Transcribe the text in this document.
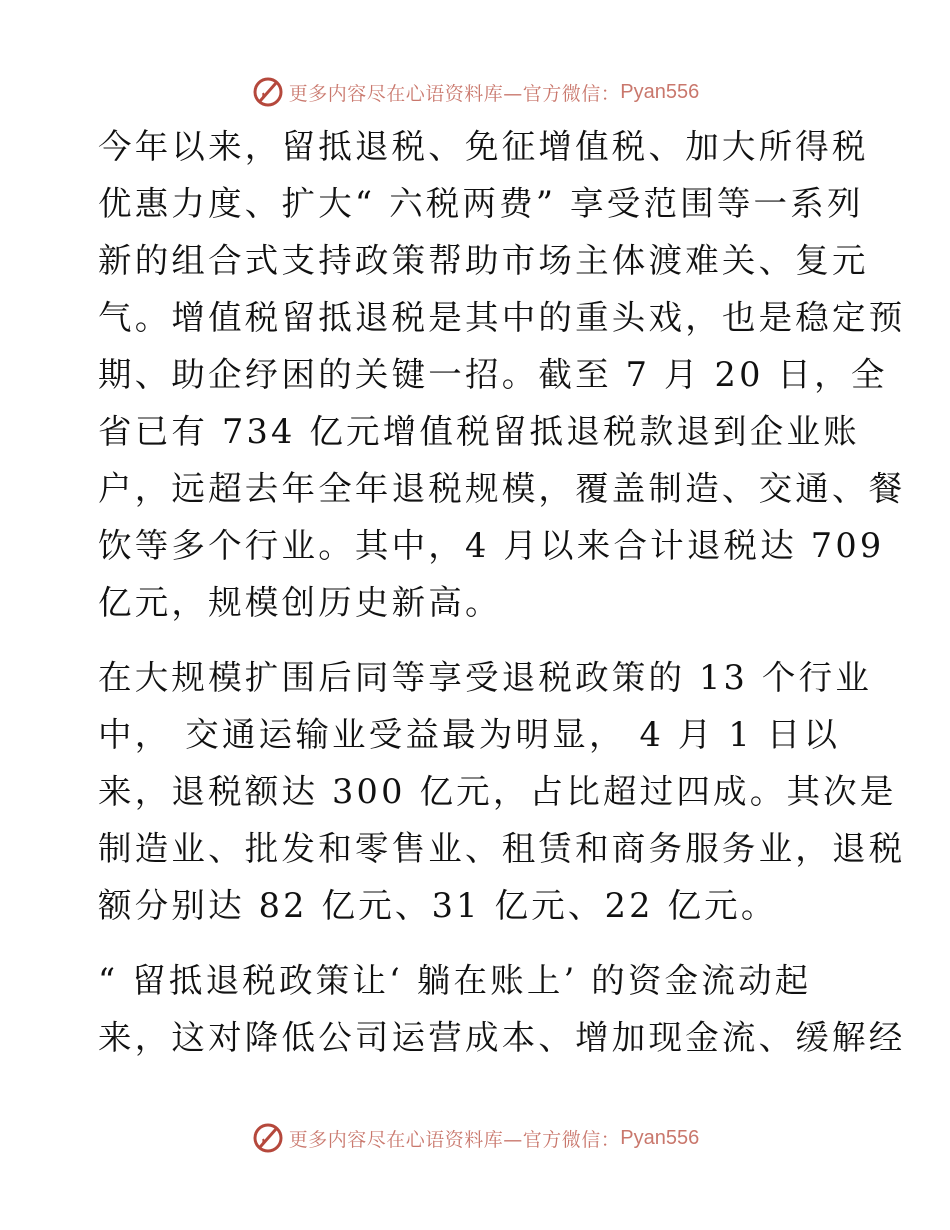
更多内容尽在心语资料库—官方微信： Pyan556

今年以来，留抵退税、免征增值税、加大所得税
优惠力度、扩大“ 六税两费” 享受范围等一系列
新的组合式支持政策帮助市场主体渡难关、复元
气。增值税留抵退税是其中的重头戏，也是稳定预
期、助企纾困的关键一招。截至 7 月 20 日，全
省已有 734 亿元增值税留抵退税款退到企业账
户，远超去年全年退税规模，覆盖制造、交通、餐
饮等多个行业。其中，4 月以来合计退税达 709
亿元，规模创历史新高。

在大规模扩围后同等享受退税政策的 13 个行业
中， 交通运输业受益最为明显， 4 月 1 日以
来，退税额达 300 亿元，占比超过四成。其次是
制造业、批发和零售业、租赁和商务服务业，退税
额分别达 82 亿元、31 亿元、22 亿元。

“ 留抵退税政策让‘ 躺在账上’ 的资金流动起
来，这对降低公司运营成本、增加现金流、缓解经

更多内容尽在心语资料库—官方微信： Pyan556
